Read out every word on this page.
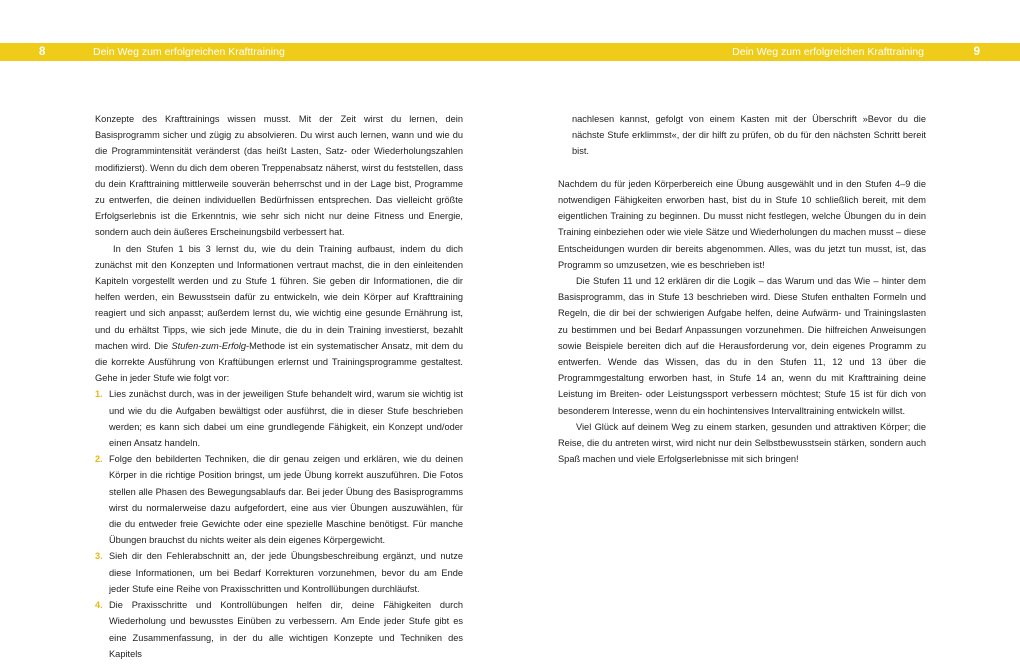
8	Dein Weg zum erfolgreichen Krafttraining	Dein Weg zum erfolgreichen Krafttraining	9

Konzepte des Krafttrainings wissen musst. Mit der Zeit wirst du lernen, dein Basisprogramm sicher und zügig zu absolvieren. Du wirst auch lernen, wann und wie du die Programmintensität veränderst (das heißt Lasten, Satz- oder Wiederholungszahlen modifizierst). Wenn du dich dem oberen Treppenabsatz näherst, wirst du feststellen, dass du dein Krafttraining mittlerweile souverän beherrschst und in der Lage bist, Programme zu entwerfen, die deinen individuellen Bedürfnissen entsprechen. Das vielleicht größte Erfolgserlebnis ist die Erkenntnis, wie sehr sich nicht nur deine Fitness und Energie, sondern auch dein äußeres Erscheinungsbild verbessert hat.

In den Stufen 1 bis 3 lernst du, wie du dein Training aufbaust, indem du dich zunächst mit den Konzepten und Informationen vertraut machst, die in den einleitenden Kapiteln vorgestellt werden und zu Stufe 1 führen. Sie geben dir Informationen, die dir helfen werden, ein Bewusstsein dafür zu entwickeln, wie dein Körper auf Krafttraining reagiert und sich anpasst; außerdem lernst du, wie wichtig eine gesunde Ernährung ist, und du erhältst Tipps, wie sich jede Minute, die du in dein Training investierst, bezahlt machen wird. Die Stufen-zum-Erfolg-Methode ist ein systematischer Ansatz, mit dem du die korrekte Ausführung von Kraftübungen erlernst und Trainingsprogramme gestaltest. Gehe in jeder Stufe wie folgt vor:

1. Lies zunächst durch, was in der jeweiligen Stufe behandelt wird, warum sie wichtig ist und wie du die Aufgaben bewältigst oder ausführst, die in dieser Stufe beschrieben werden; es kann sich dabei um eine grundlegende Fähigkeit, ein Konzept und/oder einen Ansatz handeln.
2. Folge den bebilderten Techniken, die dir genau zeigen und erklären, wie du deinen Körper in die richtige Position bringst, um jede Übung korrekt auszuführen. Die Fotos stellen alle Phasen des Bewegungsablaufs dar. Bei jeder Übung des Basisprogramms wirst du normalerweise dazu aufgefordert, eine aus vier Übungen auszuwählen, für die du entweder freie Gewichte oder eine spezielle Maschine benötigst. Für manche Übungen brauchst du nichts weiter als dein eigenes Körpergewicht.
3. Sieh dir den Fehlerabschnitt an, der jede Übungsbeschreibung ergänzt, und nutze diese Informationen, um bei Bedarf Korrekturen vorzunehmen, bevor du am Ende jeder Stufe eine Reihe von Praxisschritten und Kontrollübungen durchläufst.
4. Die Praxisschritte und Kontrollübungen helfen dir, deine Fähigkeiten durch Wiederholung und bewusstes Einüben zu verbessern. Am Ende jeder Stufe gibt es eine Zusammenfassung, in der du alle wichtigen Konzepte und Techniken des Kapitels

nachlesen kannst, gefolgt von einem Kasten mit der Überschrift »Bevor du die nächste Stufe erklimmst«, der dir hilft zu prüfen, ob du für den nächsten Schritt bereit bist.

Nachdem du für jeden Körperbereich eine Übung ausgewählt und in den Stufen 4–9 die notwendigen Fähigkeiten erworben hast, bist du in Stufe 10 schließlich bereit, mit dem eigentlichen Training zu beginnen. Du musst nicht festlegen, welche Übungen du in dein Training einbeziehen oder wie viele Sätze und Wiederholungen du machen musst – diese Entscheidungen wurden dir bereits abgenommen. Alles, was du jetzt tun musst, ist, das Programm so umzusetzen, wie es beschrieben ist!

Die Stufen 11 und 12 erklären dir die Logik – das Warum und das Wie – hinter dem Basisprogramm, das in Stufe 13 beschrieben wird. Diese Stufen enthalten Formeln und Regeln, die dir bei der schwierigen Aufgabe helfen, deine Aufwärm- und Trainingslasten zu bestimmen und bei Bedarf Anpassungen vorzunehmen. Die hilfreichen Anweisungen sowie Beispiele bereiten dich auf die Herausforderung vor, dein eigenes Programm zu entwerfen. Wende das Wissen, das du in den Stufen 11, 12 und 13 über die Programmgestaltung erworben hast, in Stufe 14 an, wenn du mit Krafttraining deine Leistung im Breiten- oder Leistungssport verbessern möchtest; Stufe 15 ist für dich von besonderem Interesse, wenn du ein hochintensives Intervalltraining entwickeln willst.

Viel Glück auf deinem Weg zu einem starken, gesunden und attraktiven Körper; die Reise, die du antreten wirst, wird nicht nur dein Selbstbewusstsein stärken, sondern auch Spaß machen und viele Erfolgserlebnisse mit sich bringen!
